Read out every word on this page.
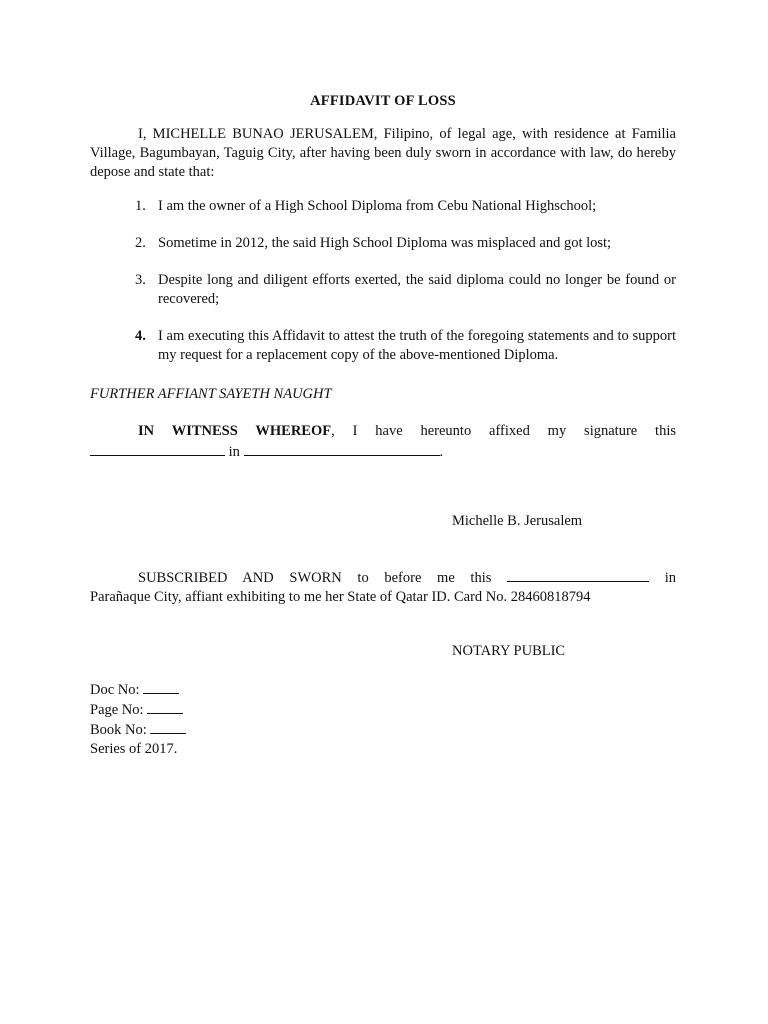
AFFIDAVIT OF LOSS

I, MICHELLE BUNAO JERUSALEM, Filipino, of legal age, with residence at Familia Village, Bagumbayan, Taguig City, after having been duly sworn in accordance with law, do hereby depose and state that:

1. I am the owner of a High School Diploma from Cebu National Highschool;
2. Sometime in 2012, the said High School Diploma was misplaced and got lost;
3. Despite long and diligent efforts exerted, the said diploma could no longer be found or recovered;
4. I am executing this Affidavit to attest the truth of the foregoing statements and to support my request for a replacement copy of the above-mentioned Diploma.

FURTHER AFFIANT SAYETH NAUGHT

IN WITNESS WHEREOF, I have hereunto affixed my signature this

in	.

Michelle B. Jerusalem

SUBSCRIBED AND SWORN to before me this	in

Parañaque City, affiant exhibiting to me her State of Qatar ID. Card No. 28460818794

NOTARY PUBLIC

Doc No:

Page No:

Book No:

Series of 2017.
